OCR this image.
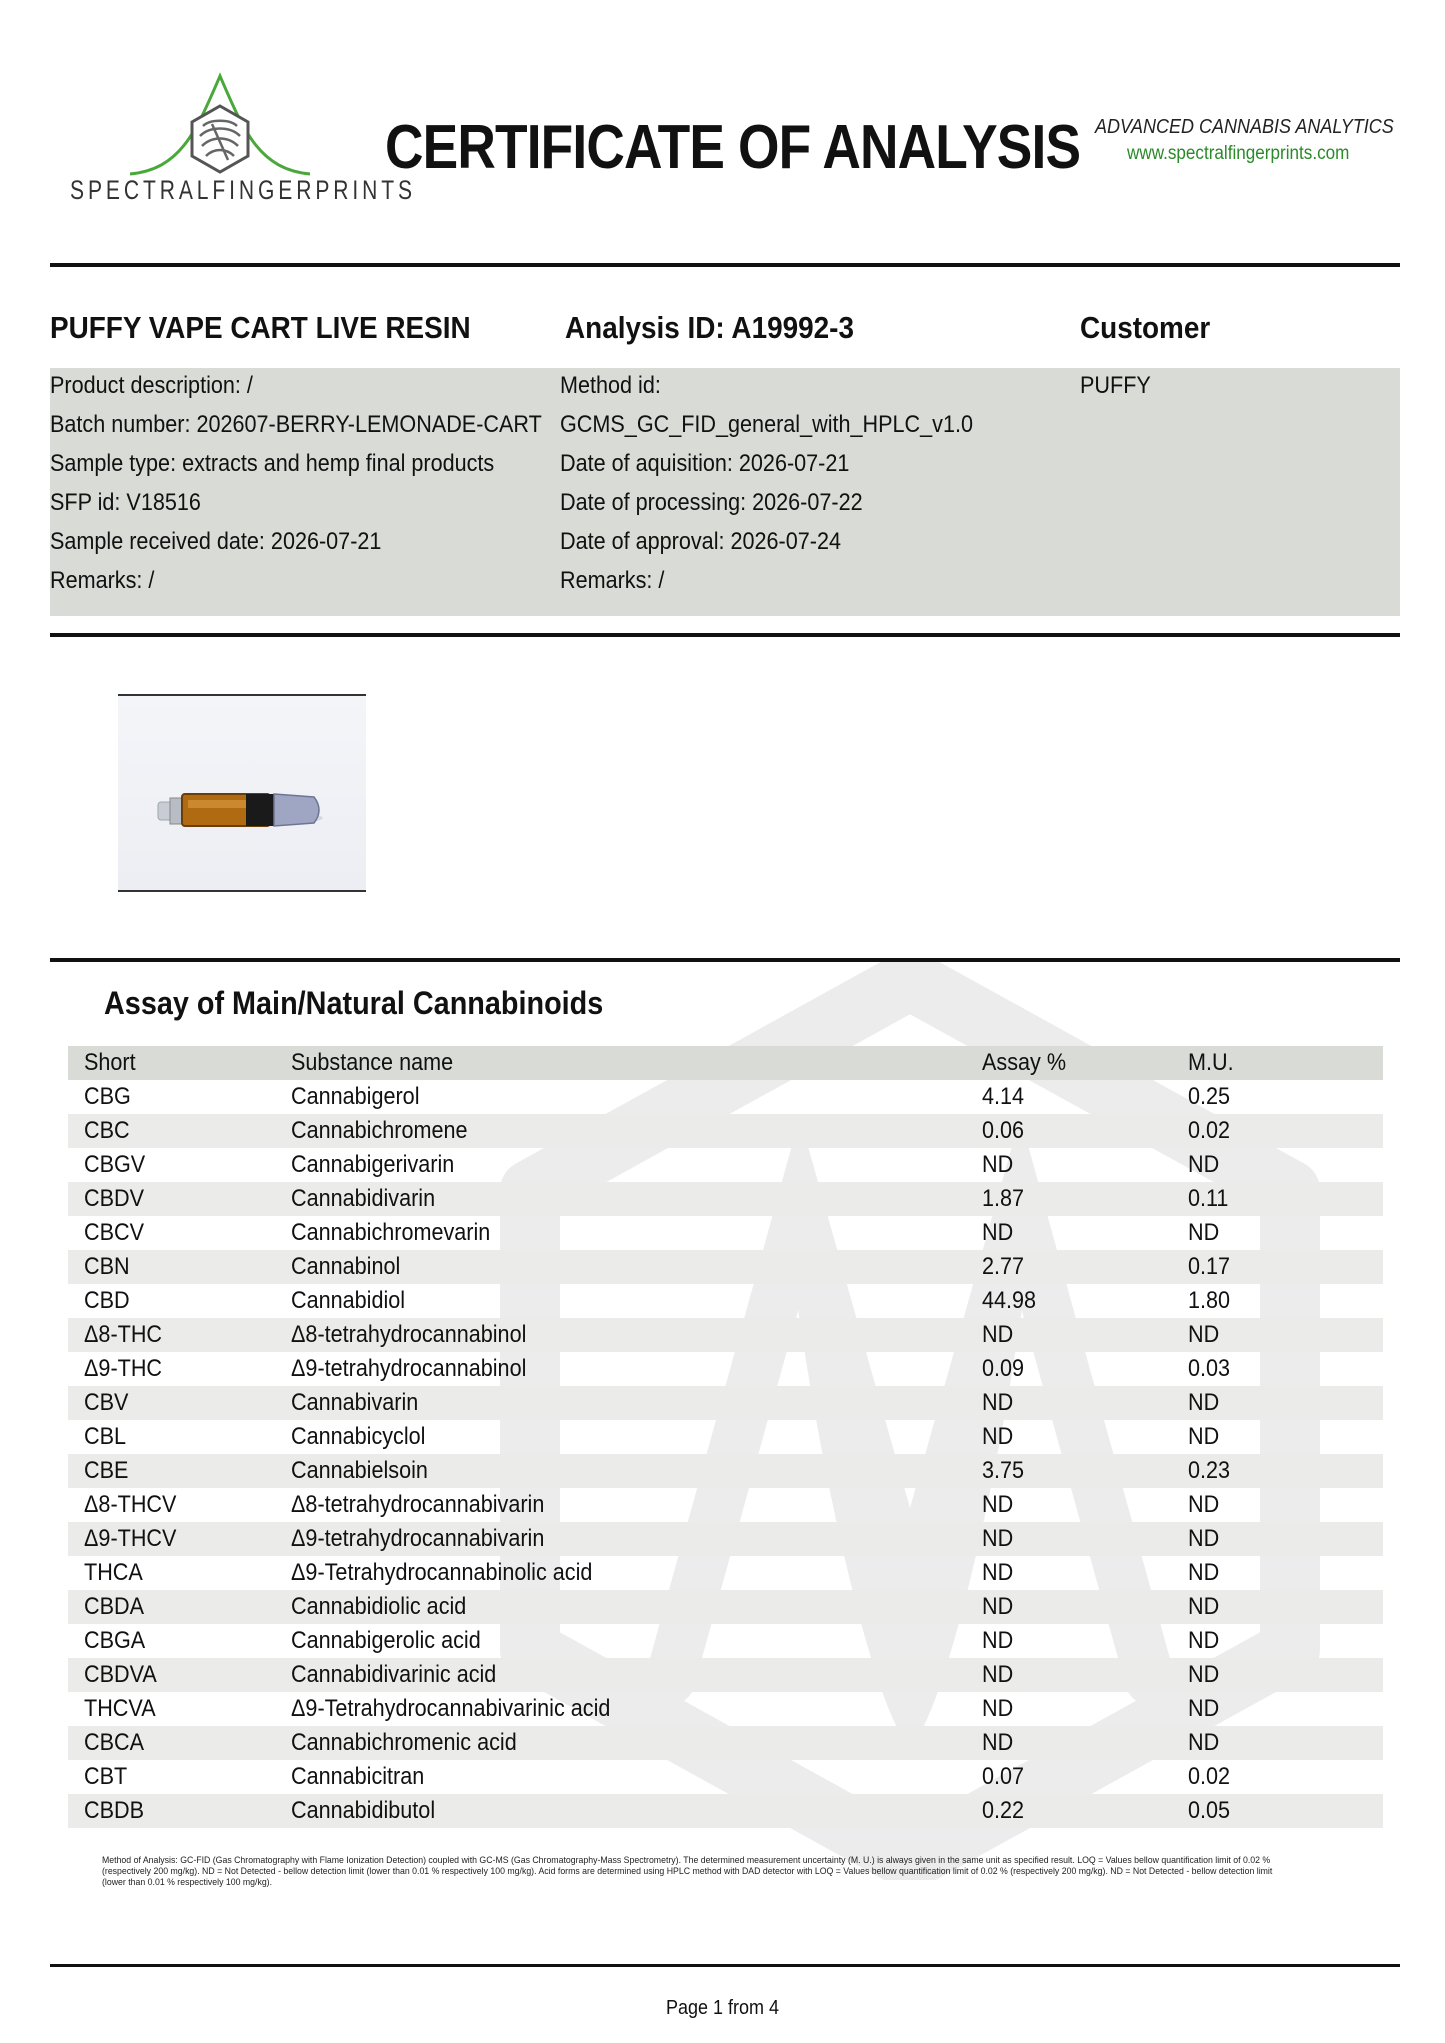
SPECTRALFINGERPRINTS
CERTIFICATE OF ANALYSIS ADVANCED CANNABIS ANALYTICS
www.spectralfingerprints.com
PUFFY VAPE CART LIVE RESIN	Analysis ID: A19992-3	Customer
Product description: /
Batch number: 202607-BERRY-LEMONADE-CART
Sample type: extracts and hemp final products
SFP id: V18516
Sample received date: 2026-07-21
Remarks: /
Method id:
GCMS_GC_FID_general_with_HPLC_v1.0
Date of aquisition: 2026-07-21
Date of processing: 2026-07-22
Date of approval: 2026-07-24
Remarks: /
PUFFY
Assay of Main/Natural Cannabinoids
Short	Substance name	Assay %	M.U.
CBG	Cannabigerol	4.14	0.25
CBC	Cannabichromene	0.06	0.02
CBGV	Cannabigerivarin	ND	ND
CBDV	Cannabidivarin	1.87	0.11
CBCV	Cannabichromevarin	ND	ND
CBN	Cannabinol	2.77	0.17
CBD	Cannabidiol	44.98	1.80
Δ8-THC	Δ8-tetrahydrocannabinol	ND	ND
Δ9-THC	Δ9-tetrahydrocannabinol	0.09	0.03
CBV	Cannabivarin	ND	ND
CBL	Cannabicyclol	ND	ND
CBE	Cannabielsoin	3.75	0.23
Δ8-THCV	Δ8-tetrahydrocannabivarin	ND	ND
Δ9-THCV	Δ9-tetrahydrocannabivarin	ND	ND
THCA	Δ9-Tetrahydrocannabinolic acid	ND	ND
CBDA	Cannabidiolic acid	ND	ND
CBGA	Cannabigerolic acid	ND	ND
CBDVA	Cannabidivarinic acid	ND	ND
THCVA	Δ9-Tetrahydrocannabivarinic acid	ND	ND
CBCA	Cannabichromenic acid	ND	ND
CBT	Cannabicitran	0.07	0.02
CBDB	Cannabidibutol	0.22	0.05
Method of Analysis: GC-FID (Gas Chromatography with Flame Ionization Detection) coupled with GC-MS (Gas Chromatography-Mass Spectrometry). The determined measurement uncertainty (M. U.) is always given in the same unit as specified result. LOQ = Values bellow quantification limit of 0.02 % (respectively 200 mg/kg). ND = Not Detected - bellow detection limit (lower than 0.01 % respectively 100 mg/kg). Acid forms are determined using HPLC method with DAD detector with LOQ = Values bellow quantification limit of 0.02 % (respectively 200 mg/kg). ND = Not Detected - bellow detection limit (lower than 0.01 % respectively 100 mg/kg).
Page 1 from 4
